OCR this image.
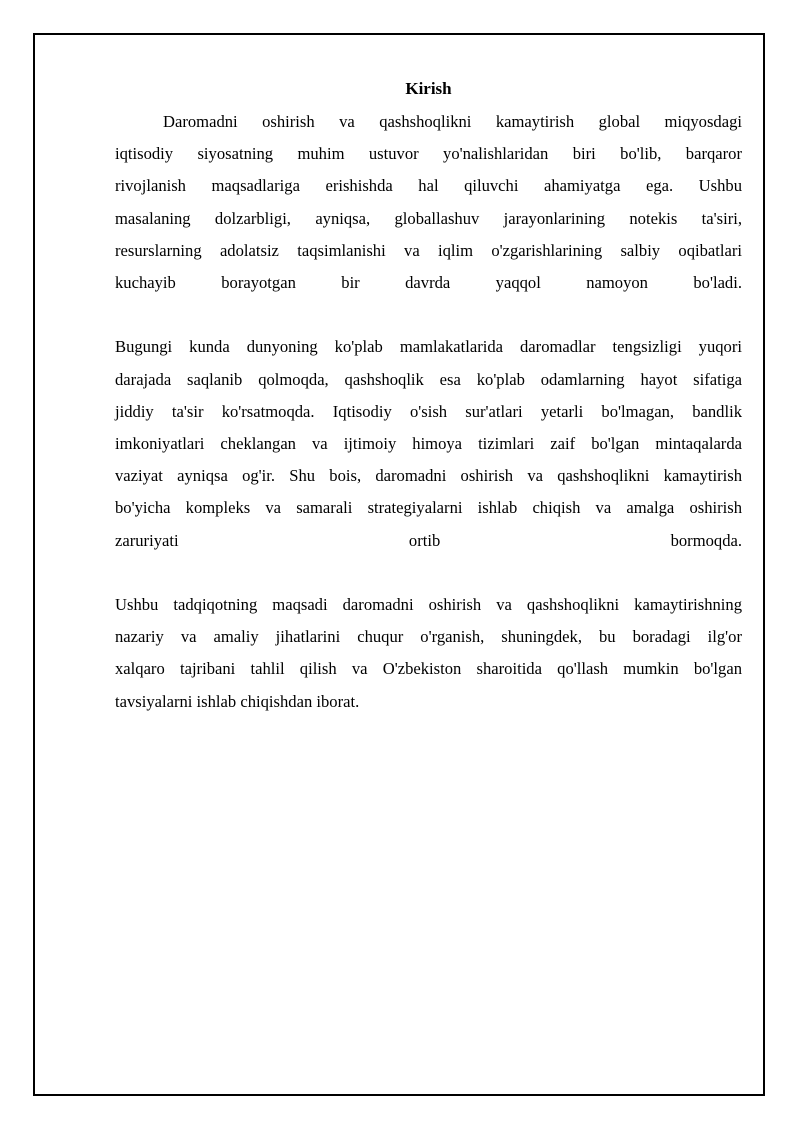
Kirish

Daromadni oshirish va qashshoqlikni kamaytirish global miqyosdagi

iqtisodiy siyosatning muhim ustuvor yo'nalishlaridan biri bo'lib, barqaror

rivojlanish maqsadlariga erishishda hal qiluvchi ahamiyatga ega. Ushbu

masalaning dolzarbligi, ayniqsa, globallashuv jarayonlarining notekis ta'siri,

resurslarning adolatsiz taqsimlanishi va iqlim o'zgarishlarining salbiy oqibatlari

kuchayib borayotgan bir davrda yaqqol namoyon bo'ladi.

Bugungi kunda dunyoning ko'plab mamlakatlarida daromadlar tengsizligi yuqori

darajada saqlanib qolmoqda, qashshoqlik esa ko'plab odamlarning hayot sifatiga

jiddiy ta'sir ko'rsatmoqda. Iqtisodiy o'sish sur'atlari yetarli bo'lmagan, bandlik

imkoniyatlari cheklangan va ijtimoiy himoya tizimlari zaif bo'lgan mintaqalarda

vaziyat ayniqsa og'ir. Shu bois, daromadni oshirish va qashshoqlikni kamaytirish

bo'yicha kompleks va samarali strategiyalarni ishlab chiqish va amalga oshirish

zaruriyati ortib bormoqda.

Ushbu tadqiqotning maqsadi daromadni oshirish va qashshoqlikni kamaytirishning

nazariy va amaliy jihatlarini chuqur o'rganish, shuningdek, bu boradagi ilg'or

xalqaro tajribani tahlil qilish va O'zbekiston sharoitida qo'llash mumkin bo'lgan

tavsiyalarni ishlab chiqishdan iborat.
